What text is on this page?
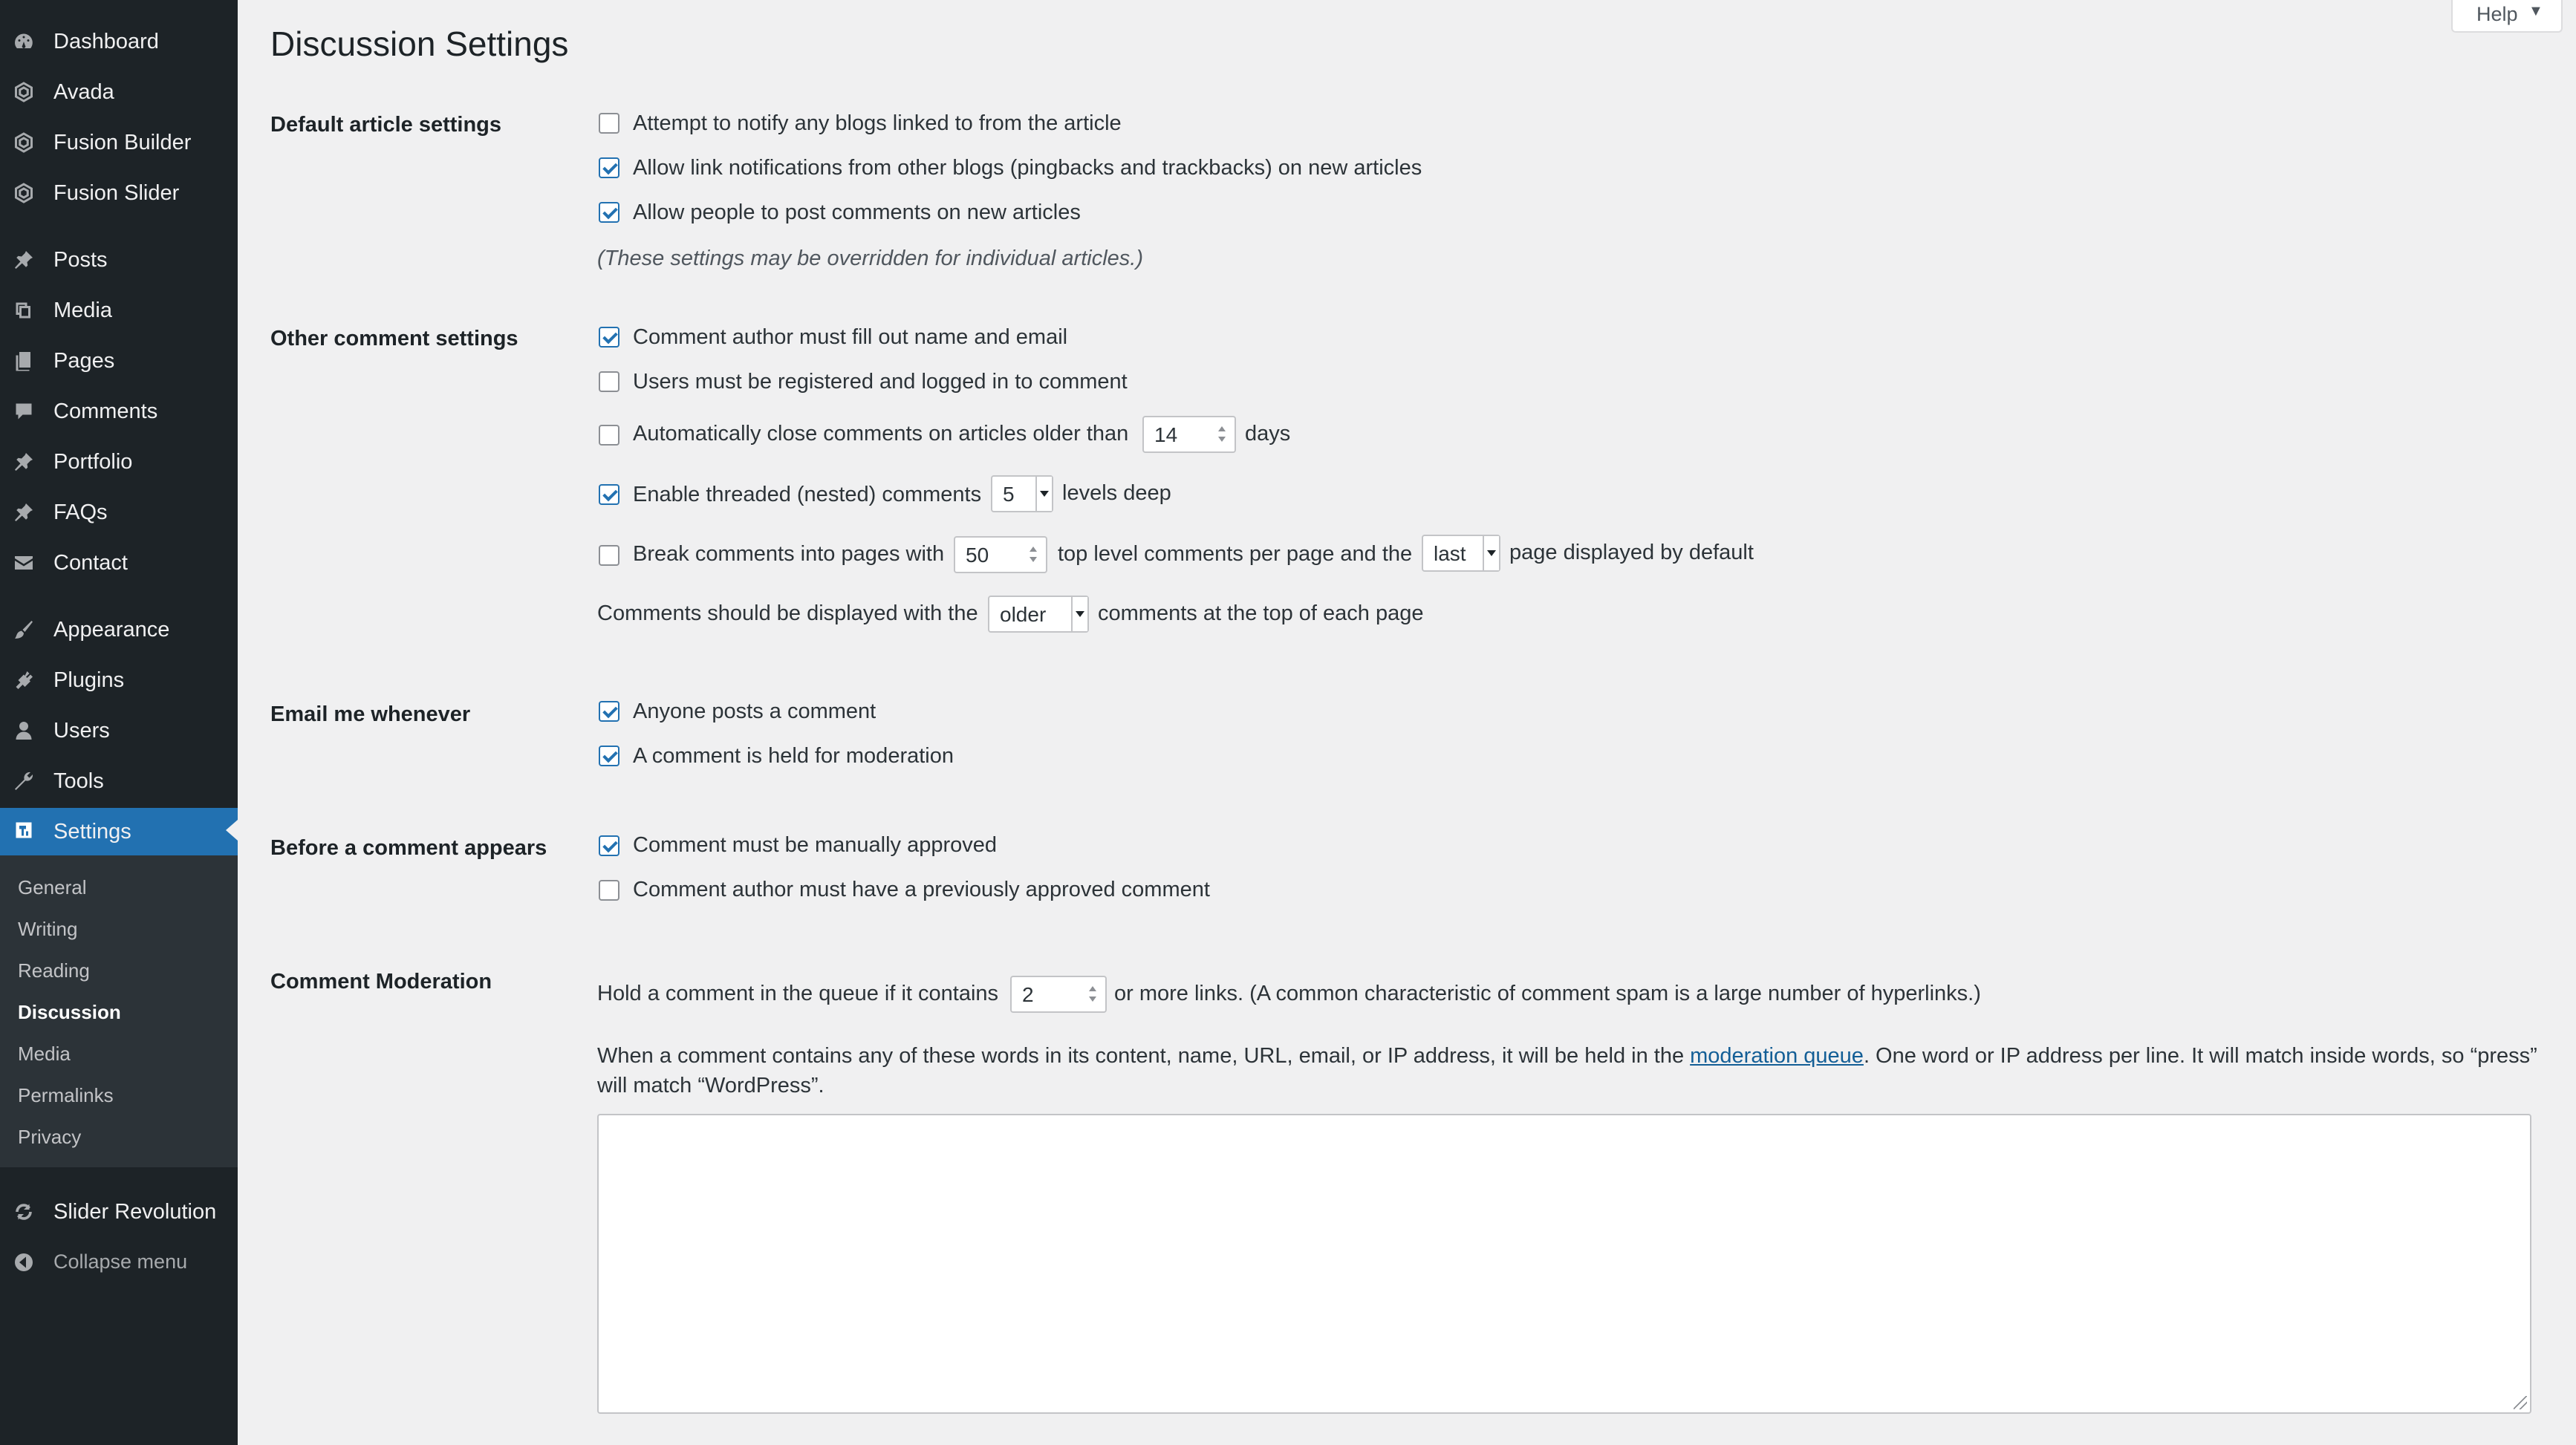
Dashboard
Avada
Fusion Builder
Fusion Slider
Posts
Media
Pages
Comments
Portfolio
FAQs
Contact
Appearance
Plugins
Users
Tools
Settings
General
Writing
Reading
Discussion
Media
Permalinks
Privacy
Slider Revolution
Collapse menu
Help ▼
Discussion Settings
Default article settings	Attempt to notify any blogs linked to from the article
Allow link notifications from other blogs (pingbacks and trackbacks) on new articles
Allow people to post comments on new articles
(These settings may be overridden for individual articles.)
Other comment settings	Comment author must fill out name and email
Users must be registered and logged in to comment
Automatically close comments on articles older than 14	days
Enable threaded (nested) comments 5 levels deep
Break comments into pages with 50	top level comments per page and the last page displayed by default
Comments should be displayed with the older comments at the top of each page
Email me whenever	Anyone posts a comment
A comment is held for moderation
Before a comment appears	Comment must be manually approved
Comment author must have a previously approved comment
Comment Moderation	Hold a comment in the queue if it contains 2	or more links. (A common characteristic of comment spam is a large number of hyperlinks.)
When a comment contains any of these words in its content, name, URL, email, or IP address, it will be held in the moderation queue. One word or IP address per line. It will match inside words, so “press”
will match “WordPress”.
